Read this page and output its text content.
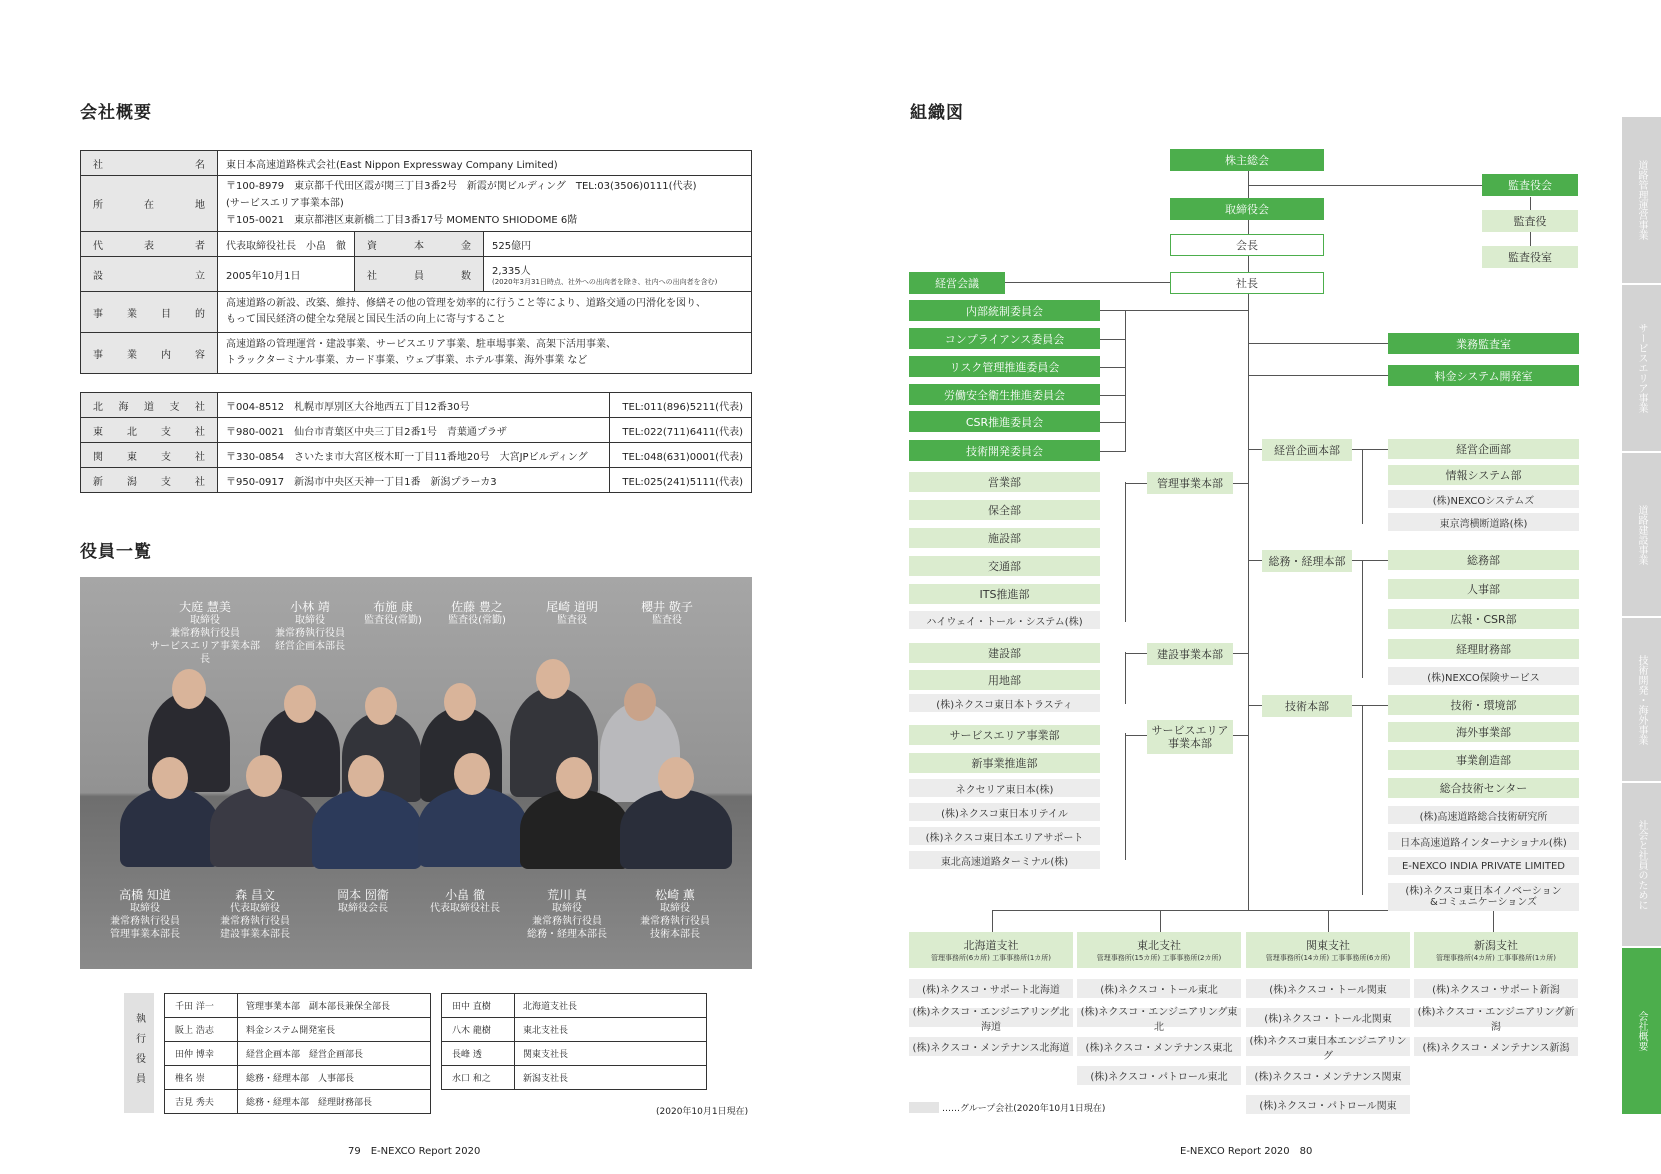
会社概要
社名	東日本高速道路株式会社(East Nippon Expressway Company Limited)		
所在地	〒100-8979　東京都千代田区霞が関三丁目3番2号　新霞が関ビルディング　TEL:03(3506)0111(代表)
(サービスエリア事業本部)
〒105-0021　東京都港区東新橋二丁目3番17号 MOMENTO SHIODOME 6階		

代表者	代表取締役社長　小畠　徹	資本金	525億円
設立	2005年10月1日	社員数	2,335人
(2020年3月31日時点、社外への出向者を除き、社内への出向者を含む)

事業目的	高速道路の新設、改築、維持、修繕その他の管理を効率的に行うこと等により、道路交通の円滑化を図り、
もって国民経済の健全な発展と国民生活の向上に寄与すること		

事業内容	高速道路の管理運営・建設事業、サービスエリア事業、駐車場事業、高架下活用事業、
トラックターミナル事業、カード事業、ウェブ事業、ホテル事業、海外事業 など		
北海道支社	〒004-8512　札幌市厚別区大谷地西五丁目12番30号	TEL:011(896)5211(代表)
東北支社	〒980-0021　仙台市青葉区中央三丁目2番1号　青葉通プラザ	TEL:022(711)6411(代表)
関東支社	〒330-0854　さいたま市大宮区桜木町一丁目11番地20号　大宮JPビルディング	TEL:048(631)0001(代表)
新潟支社	〒950-0917　新潟市中央区天神一丁目1番　新潟プラーカ3	TEL:025(241)5111(代表)
役員一覧
大庭 慧美
取締役
兼常務執行役員
サービスエリア事業本部長
小林 靖
取締役
兼常務執行役員
経営企画本部長
布施 康
監査役(常勤)
佐藤 豊之
監査役(常勤)
尾崎 道明
監査役
櫻井 敬子
監査役
高橋 知道
取締役
兼常務執行役員
管理事業本部長
森 昌文
代表取締役
兼常務執行役員
建設事業本部長
岡本 圀衞
取締役会長
小畠 徹
代表取締役社長
荒川 真
取締役
兼常務執行役員
総務・経理本部長
松崎 薫
取締役
兼常務執行役員
技術本部長
執行役員
千田 洋一	管理事業本部　副本部長兼保全部長
阪上 浩志	料金システム開発室長
田仲 博幸	経営企画本部　経営企画部長
椎名 崇	総務・経理本部　人事部長
吉見 秀夫	総務・経理本部　経理財務部長
田中 直樹	北海道支社長
八木 龍樹	東北支社長
長峰 透	関東支社長
水口 和之	新潟支社長
(2020年10月1日現在)
79　E-NEXCO Report 2020
組織図
株主総会
取締役会
会長
社長
経営会議
監査役会
監査役
監査役室
内部統制委員会
コンプライアンス委員会
リスク管理推進委員会
労働安全衛生推進委員会
CSR推進委員会
技術開発委員会
業務監査室
料金システム開発室
管理事業本部
営業部
保全部
施設部
交通部
ITS推進部
ハイウェイ・トール・システム(株)
建設事業本部
建設部
用地部
(株)ネクスコ東日本トラスティ
サービスエリア
事業本部
サービスエリア事業部
新事業推進部
ネクセリア東日本(株)
(株)ネクスコ東日本リテイル
(株)ネクスコ東日本エリアサポート
東北高速道路ターミナル(株)
経営企画本部	経営企画部
情報システム部
(株)NEXCOシステムズ
東京湾横断道路(株)
総務・経理本部	総務部
人事部
広報・CSR部
経理財務部
(株)NEXCO保険サービス
技術本部	技術・環境部
海外事業部
事業創造部
総合技術センター
(株)高速道路総合技術研究所
日本高速道路インターナショナル(株)
E-NEXCO INDIA PRIVATE LIMITED
(株)ネクスコ東日本イノベーション
&コミュニケーションズ
北海道支社
管理事務所(6カ所) 工事事務所(1カ所)
東北支社
管理事務所(15カ所) 工事事務所(2カ所)
関東支社
管理事務所(14カ所) 工事事務所(6カ所)
新潟支社
管理事務所(4カ所) 工事事務所(1カ所)
(株)ネクスコ・サポート北海道
(株)ネクスコ・エンジニアリング北海道
(株)ネクスコ・メンテナンス北海道
(株)ネクスコ・トール東北
(株)ネクスコ・エンジニアリング東北
(株)ネクスコ・メンテナンス東北
(株)ネクスコ・パトロール東北
(株)ネクスコ・トール関東
(株)ネクスコ・トール北関東
(株)ネクスコ東日本エンジニアリング
(株)ネクスコ・メンテナンス関東
(株)ネクスコ・パトロール関東
(株)ネクスコ・サポート新潟
(株)ネクスコ・エンジニアリング新潟
(株)ネクスコ・メンテナンス新潟
……グループ会社(2020年10月1日現在)
E-NEXCO Report 2020　80
道路管理運営事業
サービスエリア事業
道路建設事業
技術開発・海外事業
社会と社員のために
会社概要
